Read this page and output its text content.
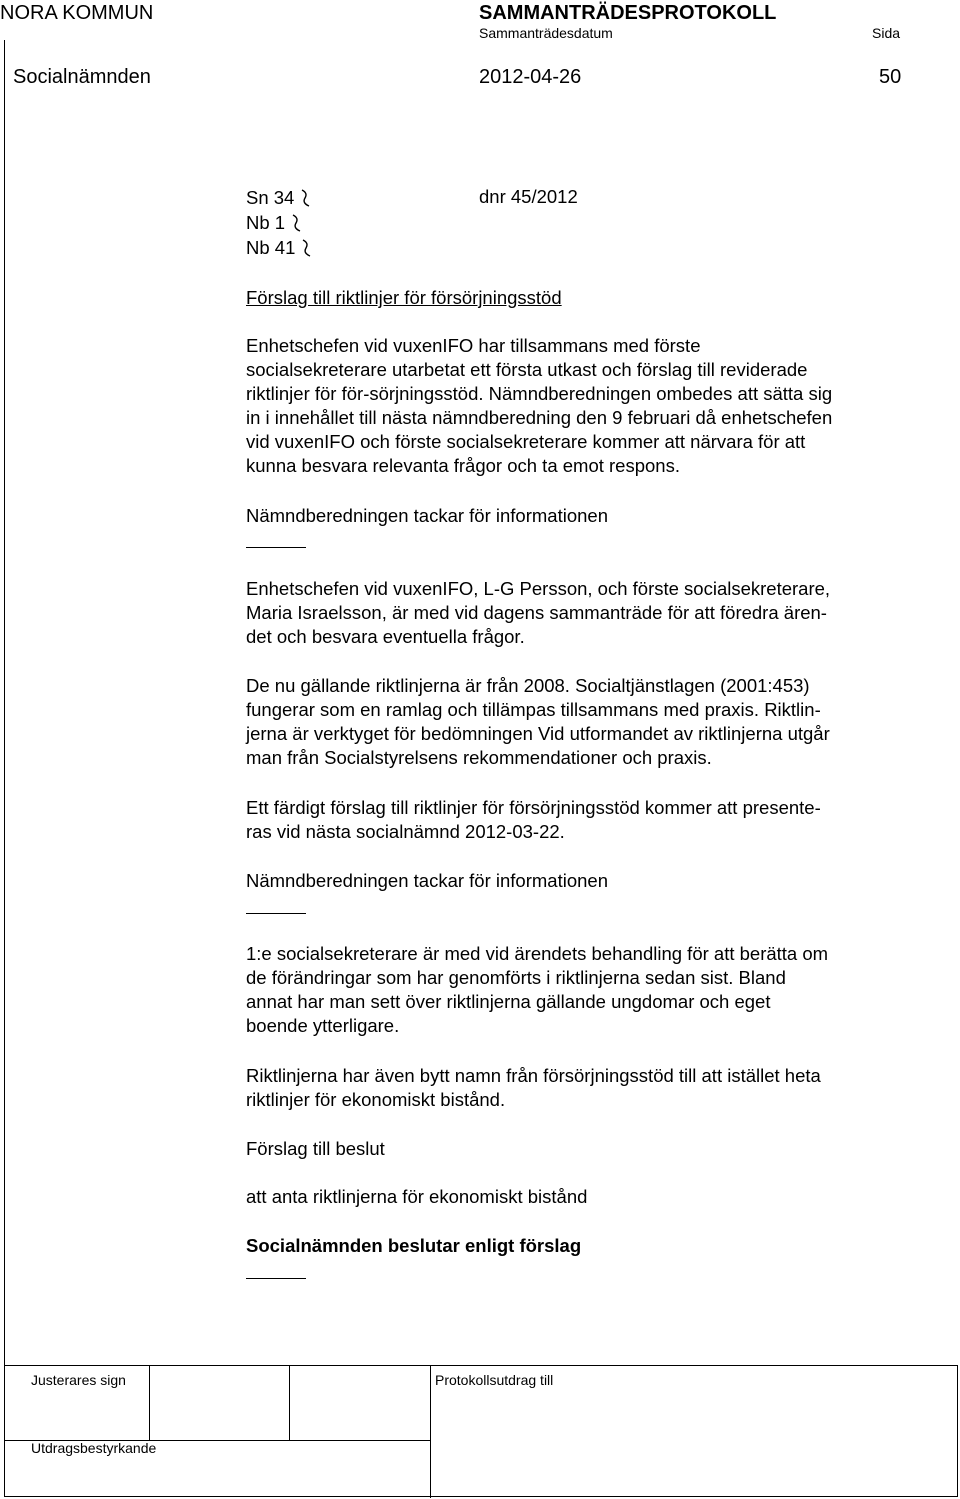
NORA KOMMUN	SAMMANTRÄDESPROTOKOLL
Sammanträdesdatum	Sida
Socialnämnden	2012-04-26	50
Sn 34	dnr 45/2012
Nb 1
Nb 41

Förslag till riktlinjer för försörjningsstöd

Enhetschefen vid vuxenIFO har tillsammans med förste

socialsekreterare utarbetat ett första utkast och förslag till reviderade

riktlinjer för för-sörjningsstöd. Nämndberedningen ombedes att sätta sig

in i innehållet till nästa nämndberedning den 9 februari då enhetschefen

vid vuxenIFO och förste socialsekreterare kommer att närvara för att

kunna besvara relevanta frågor och ta emot respons.

Nämndberedningen tackar för informationen

Enhetschefen vid vuxenIFO, L-G Persson, och förste socialsekreterare,

Maria Israelsson, är med vid dagens sammanträde för att föredra ären-

det och besvara eventuella frågor.

De nu gällande riktlinjerna är från 2008. Socialtjänstlagen (2001:453)

fungerar som en ramlag och tillämpas tillsammans med praxis. Riktlin-

jerna är verktyget för bedömningen Vid utformandet av riktlinjerna utgår

man från Socialstyrelsens rekommendationer och praxis.

Ett färdigt förslag till riktlinjer för försörjningsstöd kommer att presente-

ras vid nästa socialnämnd 2012-03-22.

Nämndberedningen tackar för informationen

1:e socialsekreterare är med vid ärendets behandling för att berätta om

de förändringar som har genomförts i riktlinjerna sedan sist. Bland

annat har man sett över riktlinjerna gällande ungdomar och eget

boende ytterligare.

Riktlinjerna har även bytt namn från försörjningsstöd till att istället heta

riktlinjer för ekonomiskt bistånd.

Förslag till beslut

att anta riktlinjerna för ekonomiskt bistånd

Socialnämnden beslutar enligt förslag

Justerares sign	Protokollsutdrag till
Utdragsbestyrkande
